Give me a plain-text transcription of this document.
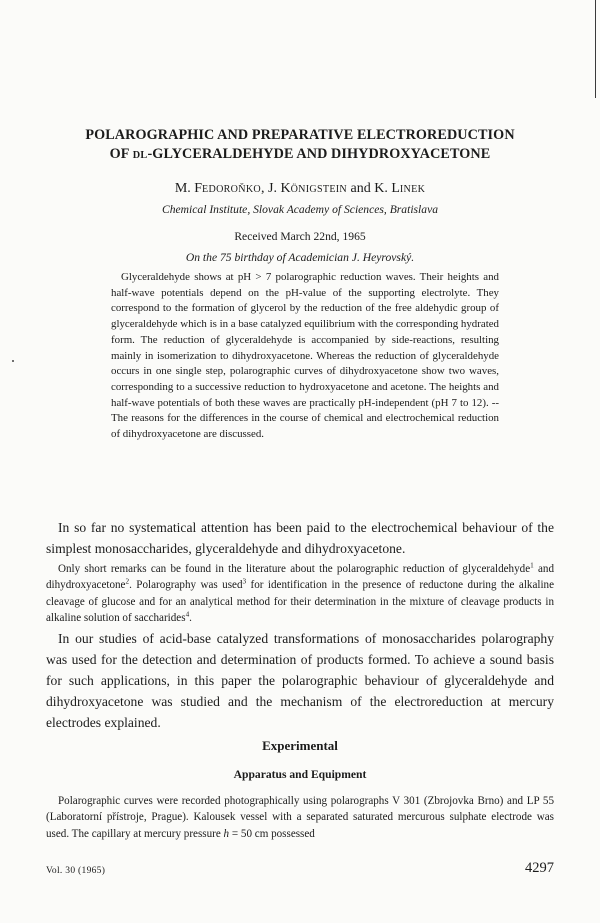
POLAROGRAPHIC AND PREPARATIVE ELECTROREDUCTION
OF DL-GLYCERALDEHYDE AND DIHYDROXYACETONE

M. FEDOROŇKO, J. KÖNIGSTEIN and K. LINEK

Chemical Institute, Slovak Academy of Sciences, Bratislava

Received March 22nd, 1965

On the 75 birthday of Academician J. Heyrovský.

Glyceraldehyde shows at pH > 7 polarographic reduction waves. Their heights and half-wave potentials depend on the pH-value of the supporting electrolyte. They correspond to the formation of glycerol by the reduction of the free aldehydic group of glyceraldehyde which is in a base catalyzed equilibrium with the corresponding hydrated form. The reduction of glyceraldehyde is accompanied by side-reactions, resulting mainly in isomerization to dihydroxyacetone. Whereas the reduction of glyceraldehyde occurs in one single step, polarographic curves of dihydroxyacetone show two waves, corresponding to a successive reduction to hydroxyacetone and acetone. The heights and half-wave potentials of both these waves are practically pH-independent (pH 7 to 12). -- The reasons for the differences in the course of chemical and electrochemical reduction of dihydroxyacetone are discussed.

In so far no systematical attention has been paid to the electrochemical behaviour of the simplest monosaccharides, glyceraldehyde and dihydroxyacetone.

Only short remarks can be found in the literature about the polarographic reduction of glyceraldehyde$^1$ and dihydroxyacetone$^2$. Polarography was used$^3$ for identification in the presence of reductone during the alkaline cleavage of glucose and for an analytical method for their determination in the mixture of cleavage products in alkaline solution of saccharides$^4$.

In our studies of acid-base catalyzed transformations of monosaccharides polarography was used for the detection and determination of products formed. To achieve a sound basis for such applications, in this paper the polarographic behaviour of glyceraldehyde and dihydroxyacetone was studied and the mechanism of the electroreduction at mercury electrodes explained.

Experimental
Apparatus and Equipment

Polarographic curves were recorded photographically using polarographs V 301 (Zbrojovka Brno) and LP 55 (Laboratorní přístroje, Prague). Kalousek vessel with a separated saturated mercurous sulphate electrode was used. The capillary at mercury pressure h = 50 cm possessed

Vol. 30 (1965)	4297
